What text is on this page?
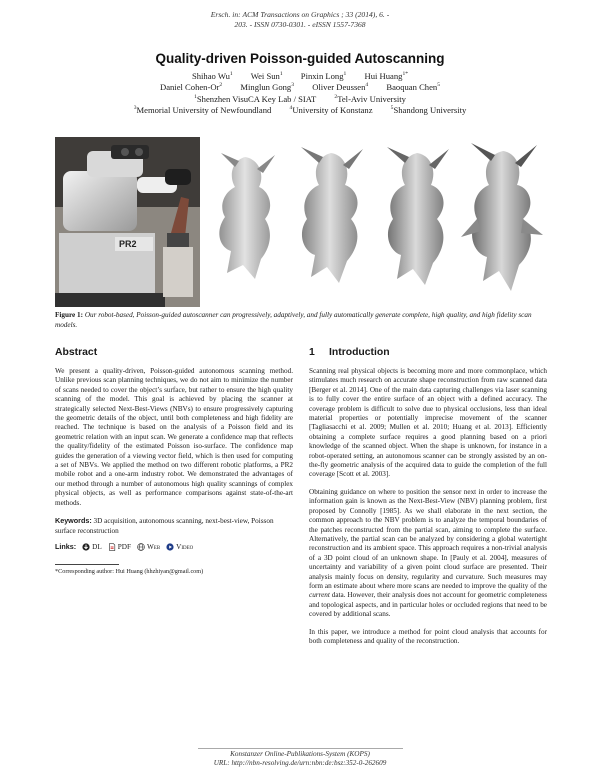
Ersch. in: ACM Transactions on Graphics ; 33 (2014), 6. -
203. - ISSN 0730-0301. - eISSN 1557-7368
Quality-driven Poisson-guided Autoscanning
Shihao Wu$^1$ Wei Sun$^1$ Pinxin Long$^1$ Hui Huang$^{1*}$
Daniel Cohen-Or$^2$ Minglun Gong$^3$ Oliver Deussen$^4$ Baoquan Chen$^5$
$^1$Shenzhen VisuCA Key Lab / SIAT	$^2$Tel-Aviv University
$^3$Memorial University of Newfoundland	$^4$University of Konstanz	$^5$Shandong University
PR2
Figure 1: Our robot-based, Poisson-guided autoscanner can progressively, adaptively, and fully automatically generate complete, high quality, and high fidelity scan models.
Abstract

We present a quality-driven, Poisson-guided autonomous scanning method. Unlike previous scan planning techniques, we do not aim to minimize the number of scans needed to cover the object’s surface, but rather to ensure the high quality scanning of the model. This goal is achieved by placing the scanner at strategically selected Next-Best-Views (NBVs) to ensure progressively capturing the geometric details of the object, until both completeness and high fidelity are reached. The technique is based on the analysis of a Poisson field and its geometric relation with an input scan. We generate a confidence map that reflects the quality/fidelity of the estimated Poisson iso-surface. The confidence map guides the generation of a viewing vector field, which is then used for computing a set of NBVs. We applied the method on two different robotic platforms, a PR2 mobile robot and a one-arm industry robot. We demonstrated the advantages of our method through a number of autonomous high quality scannings of complex physical objects, as well as performance comparisons against state-of-the-art methods.

Keywords: 3D acquisition, autonomous scanning, next-best-view, Poisson surface reconstruction
Links: DL PDF Web Video
*Corresponding author: Hui Huang (hhzhiyan@gmail.com)
1 Introduction

Scanning real physical objects is becoming more and more commonplace, which stimulates much research on accurate shape reconstruction from raw scanned data [Berger et al. 2014]. One of the main data capturing challenges via laser scanning is to fully cover the entire surface of an object with a defined accuracy. The coverage problem is difficult to solve due to physical occlusions, less than ideal material properties or potentially imprecise movement of the scanner [Tagliasacchi et al. 2009; Mullen et al. 2010; Huang et al. 2013]. Efficiently obtaining a complete surface requires a good planning based on a priori knowledge of the scanned object. When the shape is unknown, for instance in a robot-operated setting, an autonomous scanner can be strongly assisted by an on-the-fly geometric analysis of the acquired data to guide the completion of the full coverage [Scott et al. 2003].

Obtaining guidance on where to position the sensor next in order to increase the information gain is known as the Next-Best-View (NBV) planning problem, first proposed by Connolly [1985]. As we shall elaborate in the next section, the common approach to the NBV problem is to analyze the temporal boundaries of the patches reconstructed from the partial scan, aiming to complete the surface. Alternatively, the partial scan can be analyzed by considering a global watertight reconstruction and its ambient space. This approach requires a non-trivial analysis of a 3D point cloud of an unknown shape. In [Pauly et al. 2004], measures of uncertainty and variability of a given point cloud surface are presented. Their analysis mainly focus on density, regularity and curvature. Such measures may form an estimate about where more scans are needed to improve the quality of the current data. However, their analysis does not account for geometric completeness and topological aspects, and in particular holes or occluded regions that need to be covered by additional scans.

In this paper, we introduce a method for point cloud analysis that accounts for both completeness and quality of the reconstruction.

Konstanzer Online-Publikations-System (KOPS)
URL: http://nbn-resolving.de/urn:nbn:de:bsz:352-0-262609
